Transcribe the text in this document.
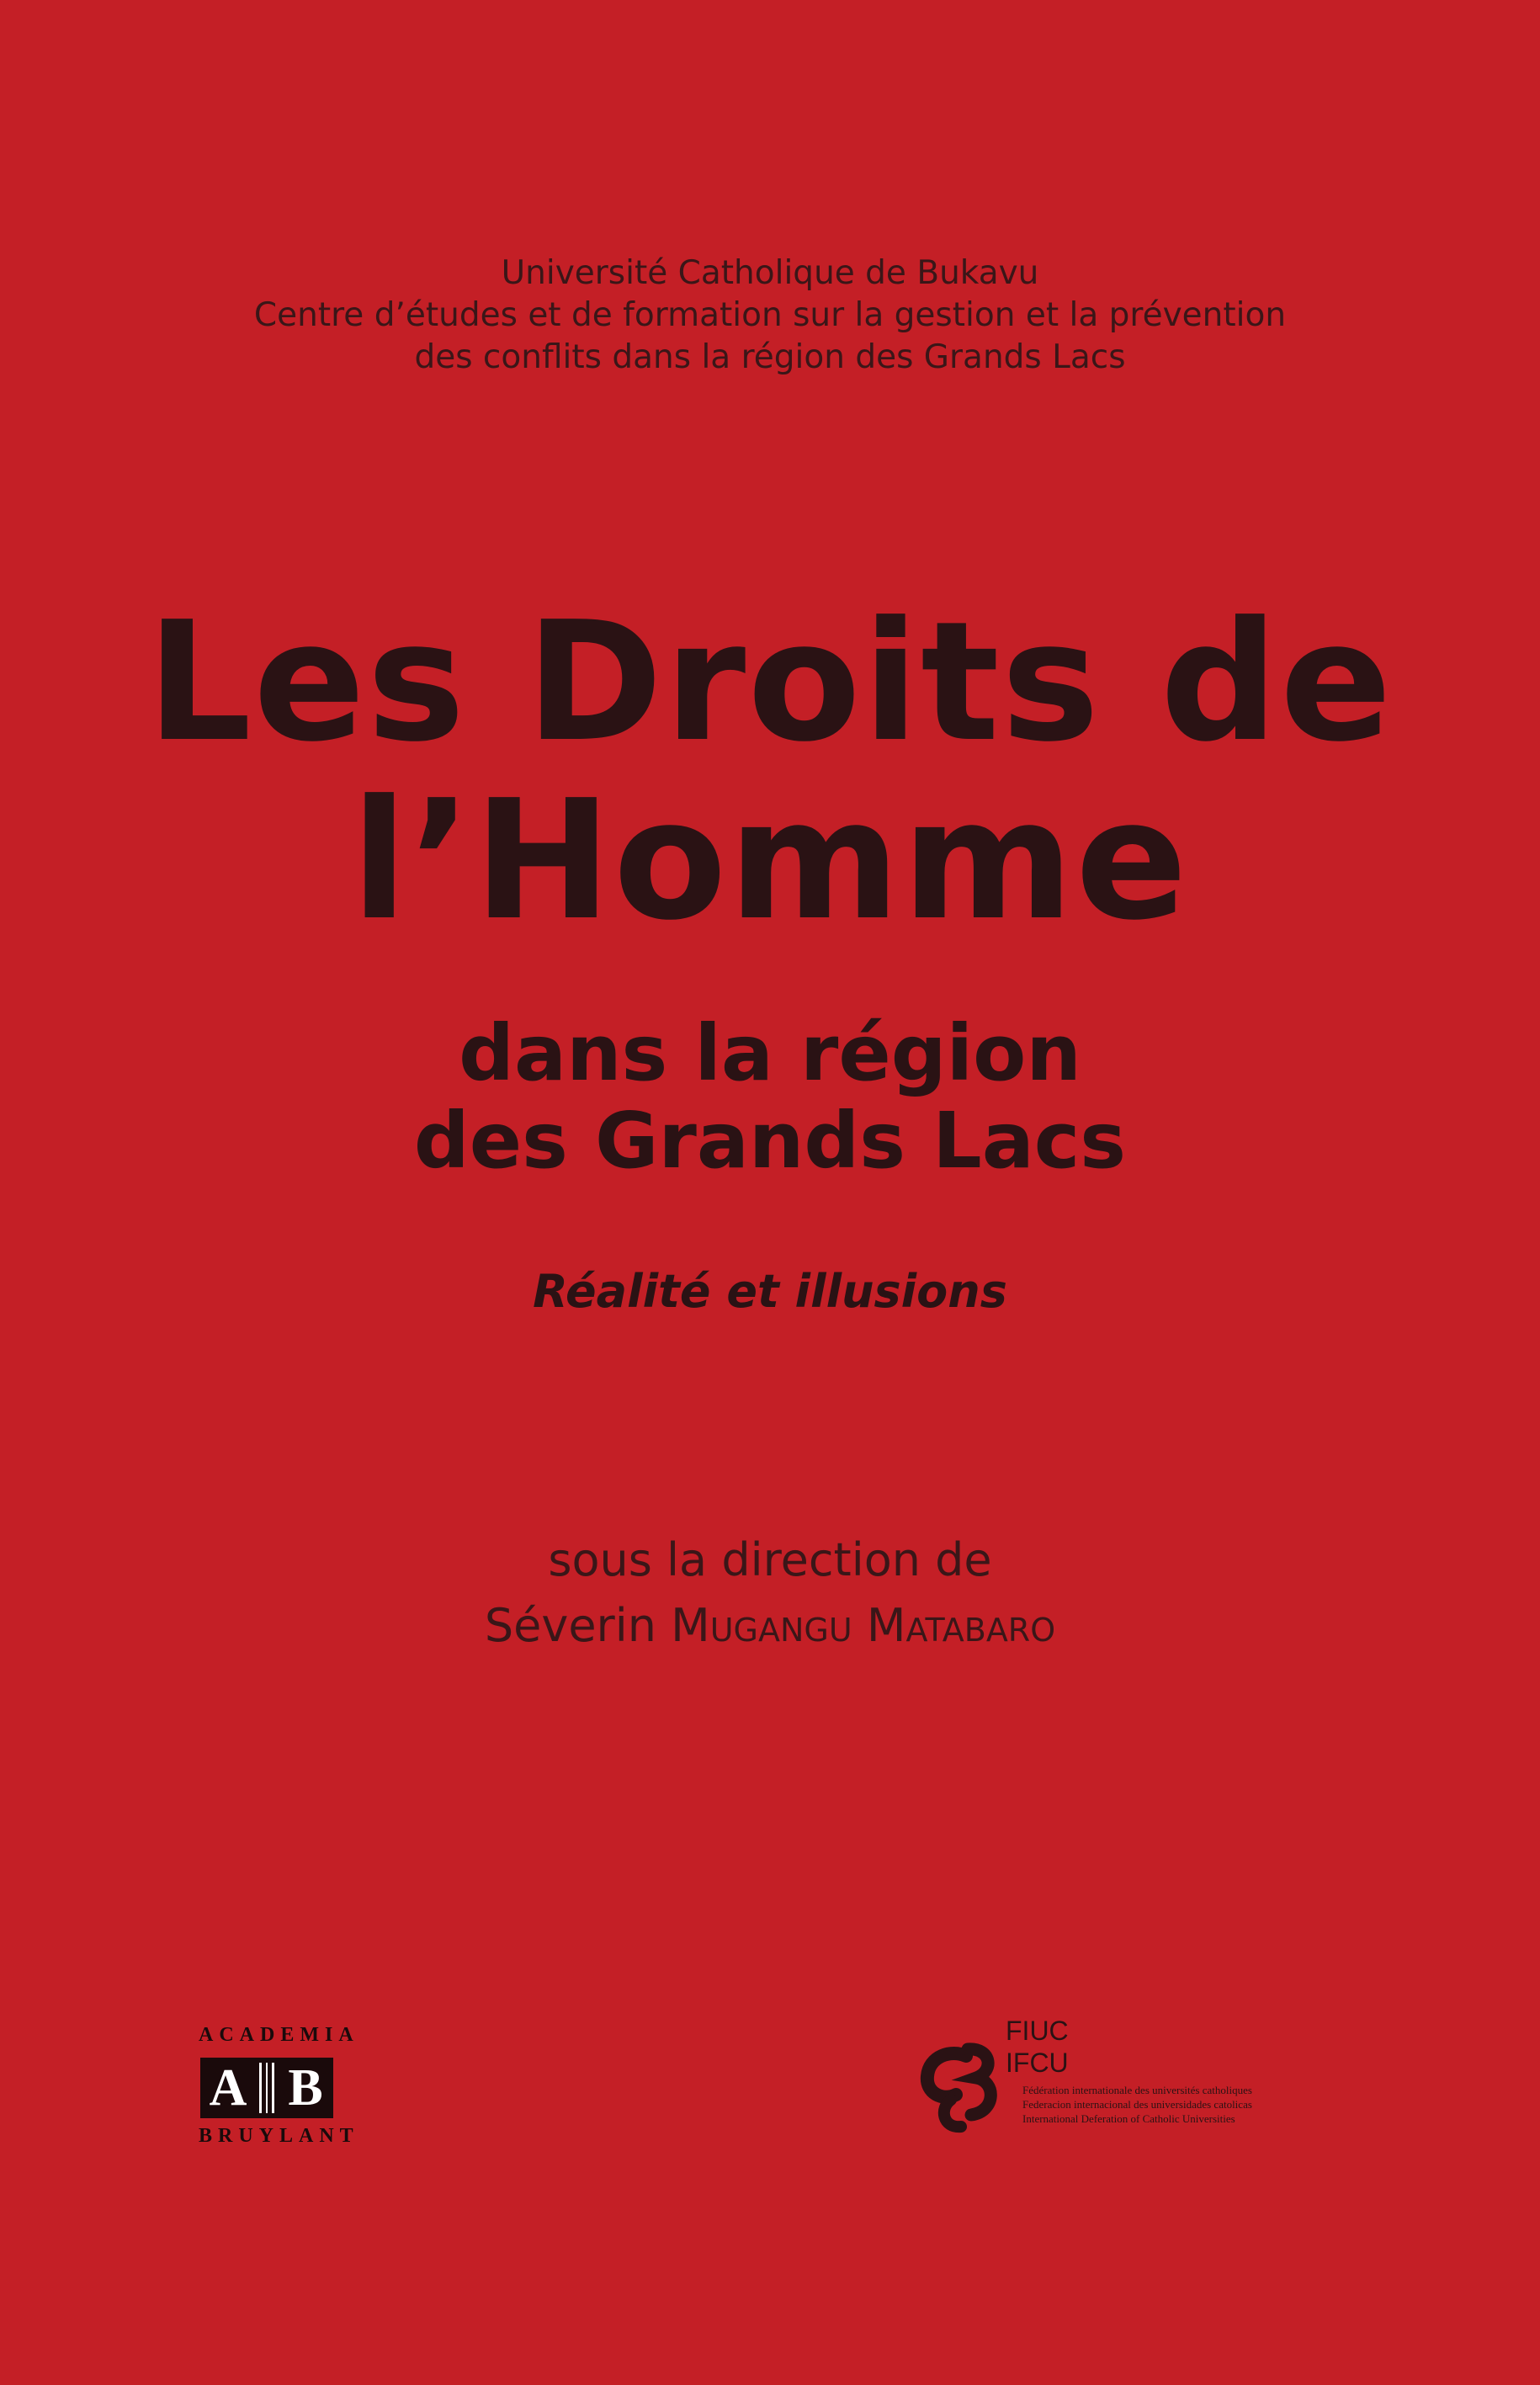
Université Catholique de Bukavu
Centre d’études et de formation sur la gestion et la prévention
des conflits dans la région des Grands Lacs
Les Droits de
l’Homme
dans la région
des Grands Lacs
Réalité et illusions
sous la direction de
Séverin Mugangu Matabaro
ACADEMIA
A B
BRUYLANT
FIUC
IFCU
Fédération internationale des universités catholiques
Federacion internacional des universidades catolicas
International Deferation of Catholic Universities
